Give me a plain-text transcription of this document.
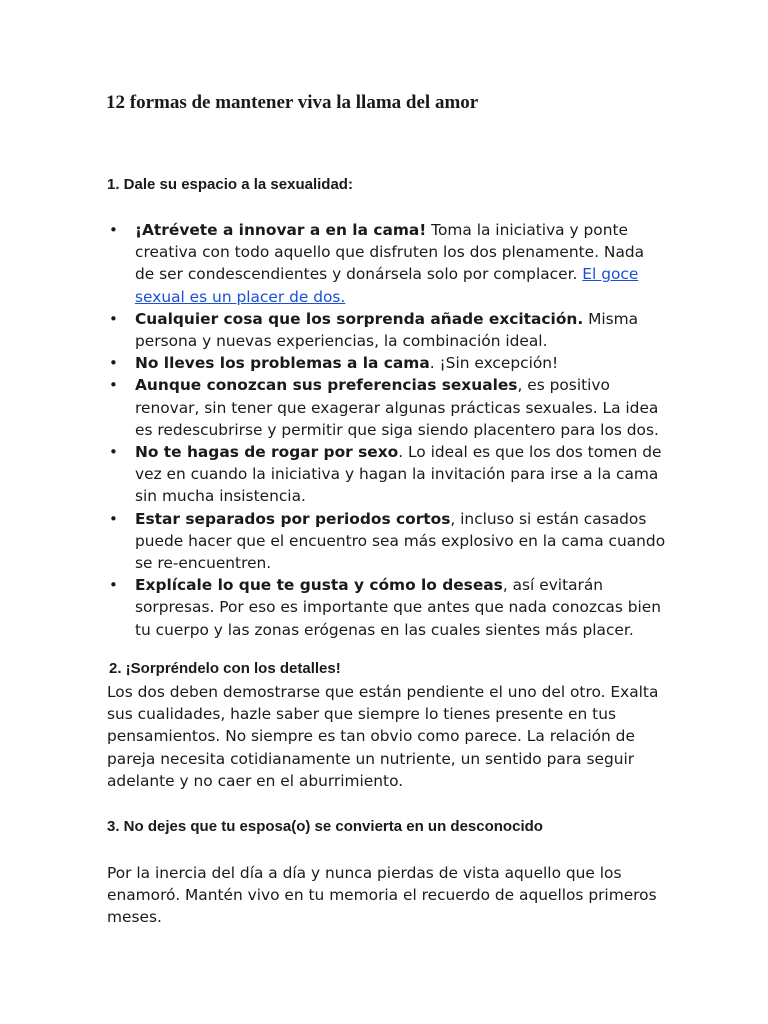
12 formas de mantener viva la llama del amor

1. Dale su espacio a la sexualidad:

• ¡Atrévete a innovar a en la cama! Toma la iniciativa y ponte creativa con todo aquello que disfruten los dos plenamente. Nada de ser condescendientes y donársela solo por complacer. El goce sexual es un placer de dos.
• Cualquier cosa que los sorprenda añade excitación. Misma persona y nuevas experiencias, la combinación ideal.
• No lleves los problemas a la cama. ¡Sin excepción!
• Aunque conozcan sus preferencias sexuales, es positivo renovar, sin tener que exagerar algunas prácticas sexuales. La idea es redescubrirse y permitir que siga siendo placentero para los dos.
• No te hagas de rogar por sexo. Lo ideal es que los dos tomen de vez en cuando la iniciativa y hagan la invitación para irse a la cama sin mucha insistencia.
• Estar separados por periodos cortos, incluso si están casados puede hacer que el encuentro sea más explosivo en la cama cuando se re-encuentren.
• Explícale lo que te gusta y cómo lo deseas, así evitarán sorpresas. Por eso es importante que antes que nada conozcas bien tu cuerpo y las zonas erógenas en las cuales sientes más placer.

2. ¡Sorpréndelo con los detalles!

Los dos deben demostrarse que están pendiente el uno del otro. Exalta sus cualidades, hazle saber que siempre lo tienes presente en tus pensamientos. No siempre es tan obvio como parece. La relación de pareja necesita cotidianamente un nutriente, un sentido para seguir adelante y no caer en el aburrimiento.

3. No dejes que tu esposa(o) se convierta en un desconocido

Por la inercia del día a día y nunca pierdas de vista aquello que los enamoró. Mantén vivo en tu memoria el recuerdo de aquellos primeros meses.
